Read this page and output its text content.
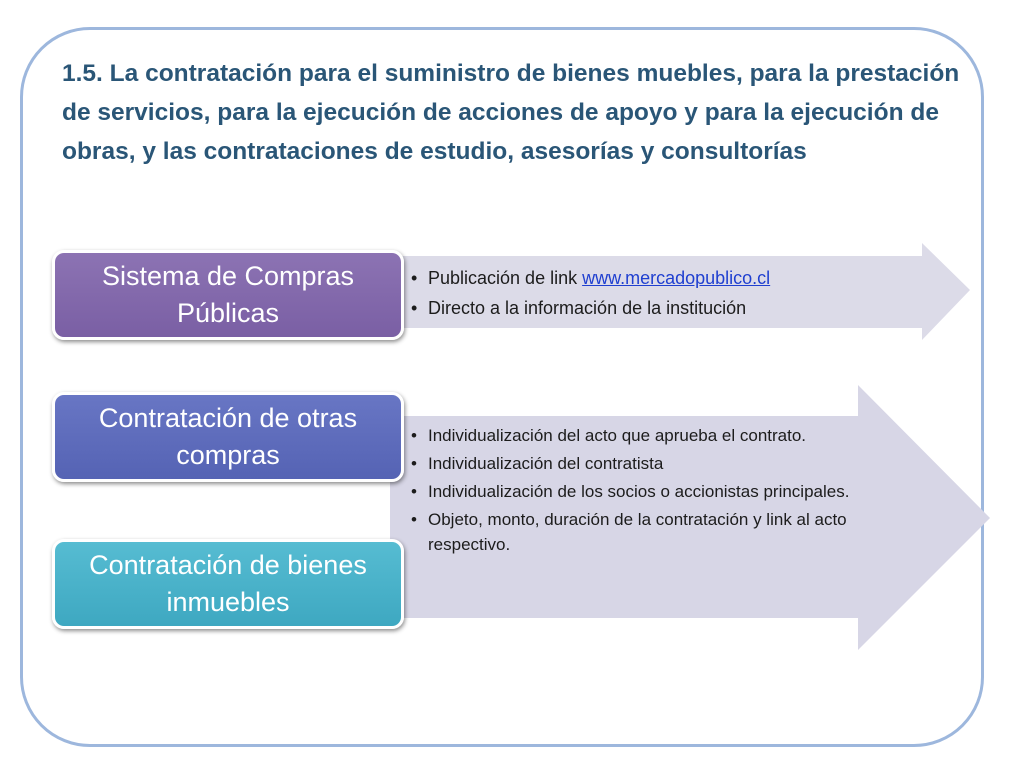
1.5. La contratación para el suministro de bienes muebles, para la prestación de servicios, para la ejecución de acciones de apoyo y para la ejecución de obras, y las contrataciones de estudio, asesorías y consultorías

Sistema de Compras Públicas
Contratación de otras compras
Contratación de bienes inmuebles
• Publicación de link www.mercadopublico.cl
• Directo a la información de la institución
• Individualización del acto que aprueba el contrato.
• Individualización del contratista
• Individualización de los socios o accionistas principales.
• Objeto, monto, duración de la contratación y link al acto respectivo.
